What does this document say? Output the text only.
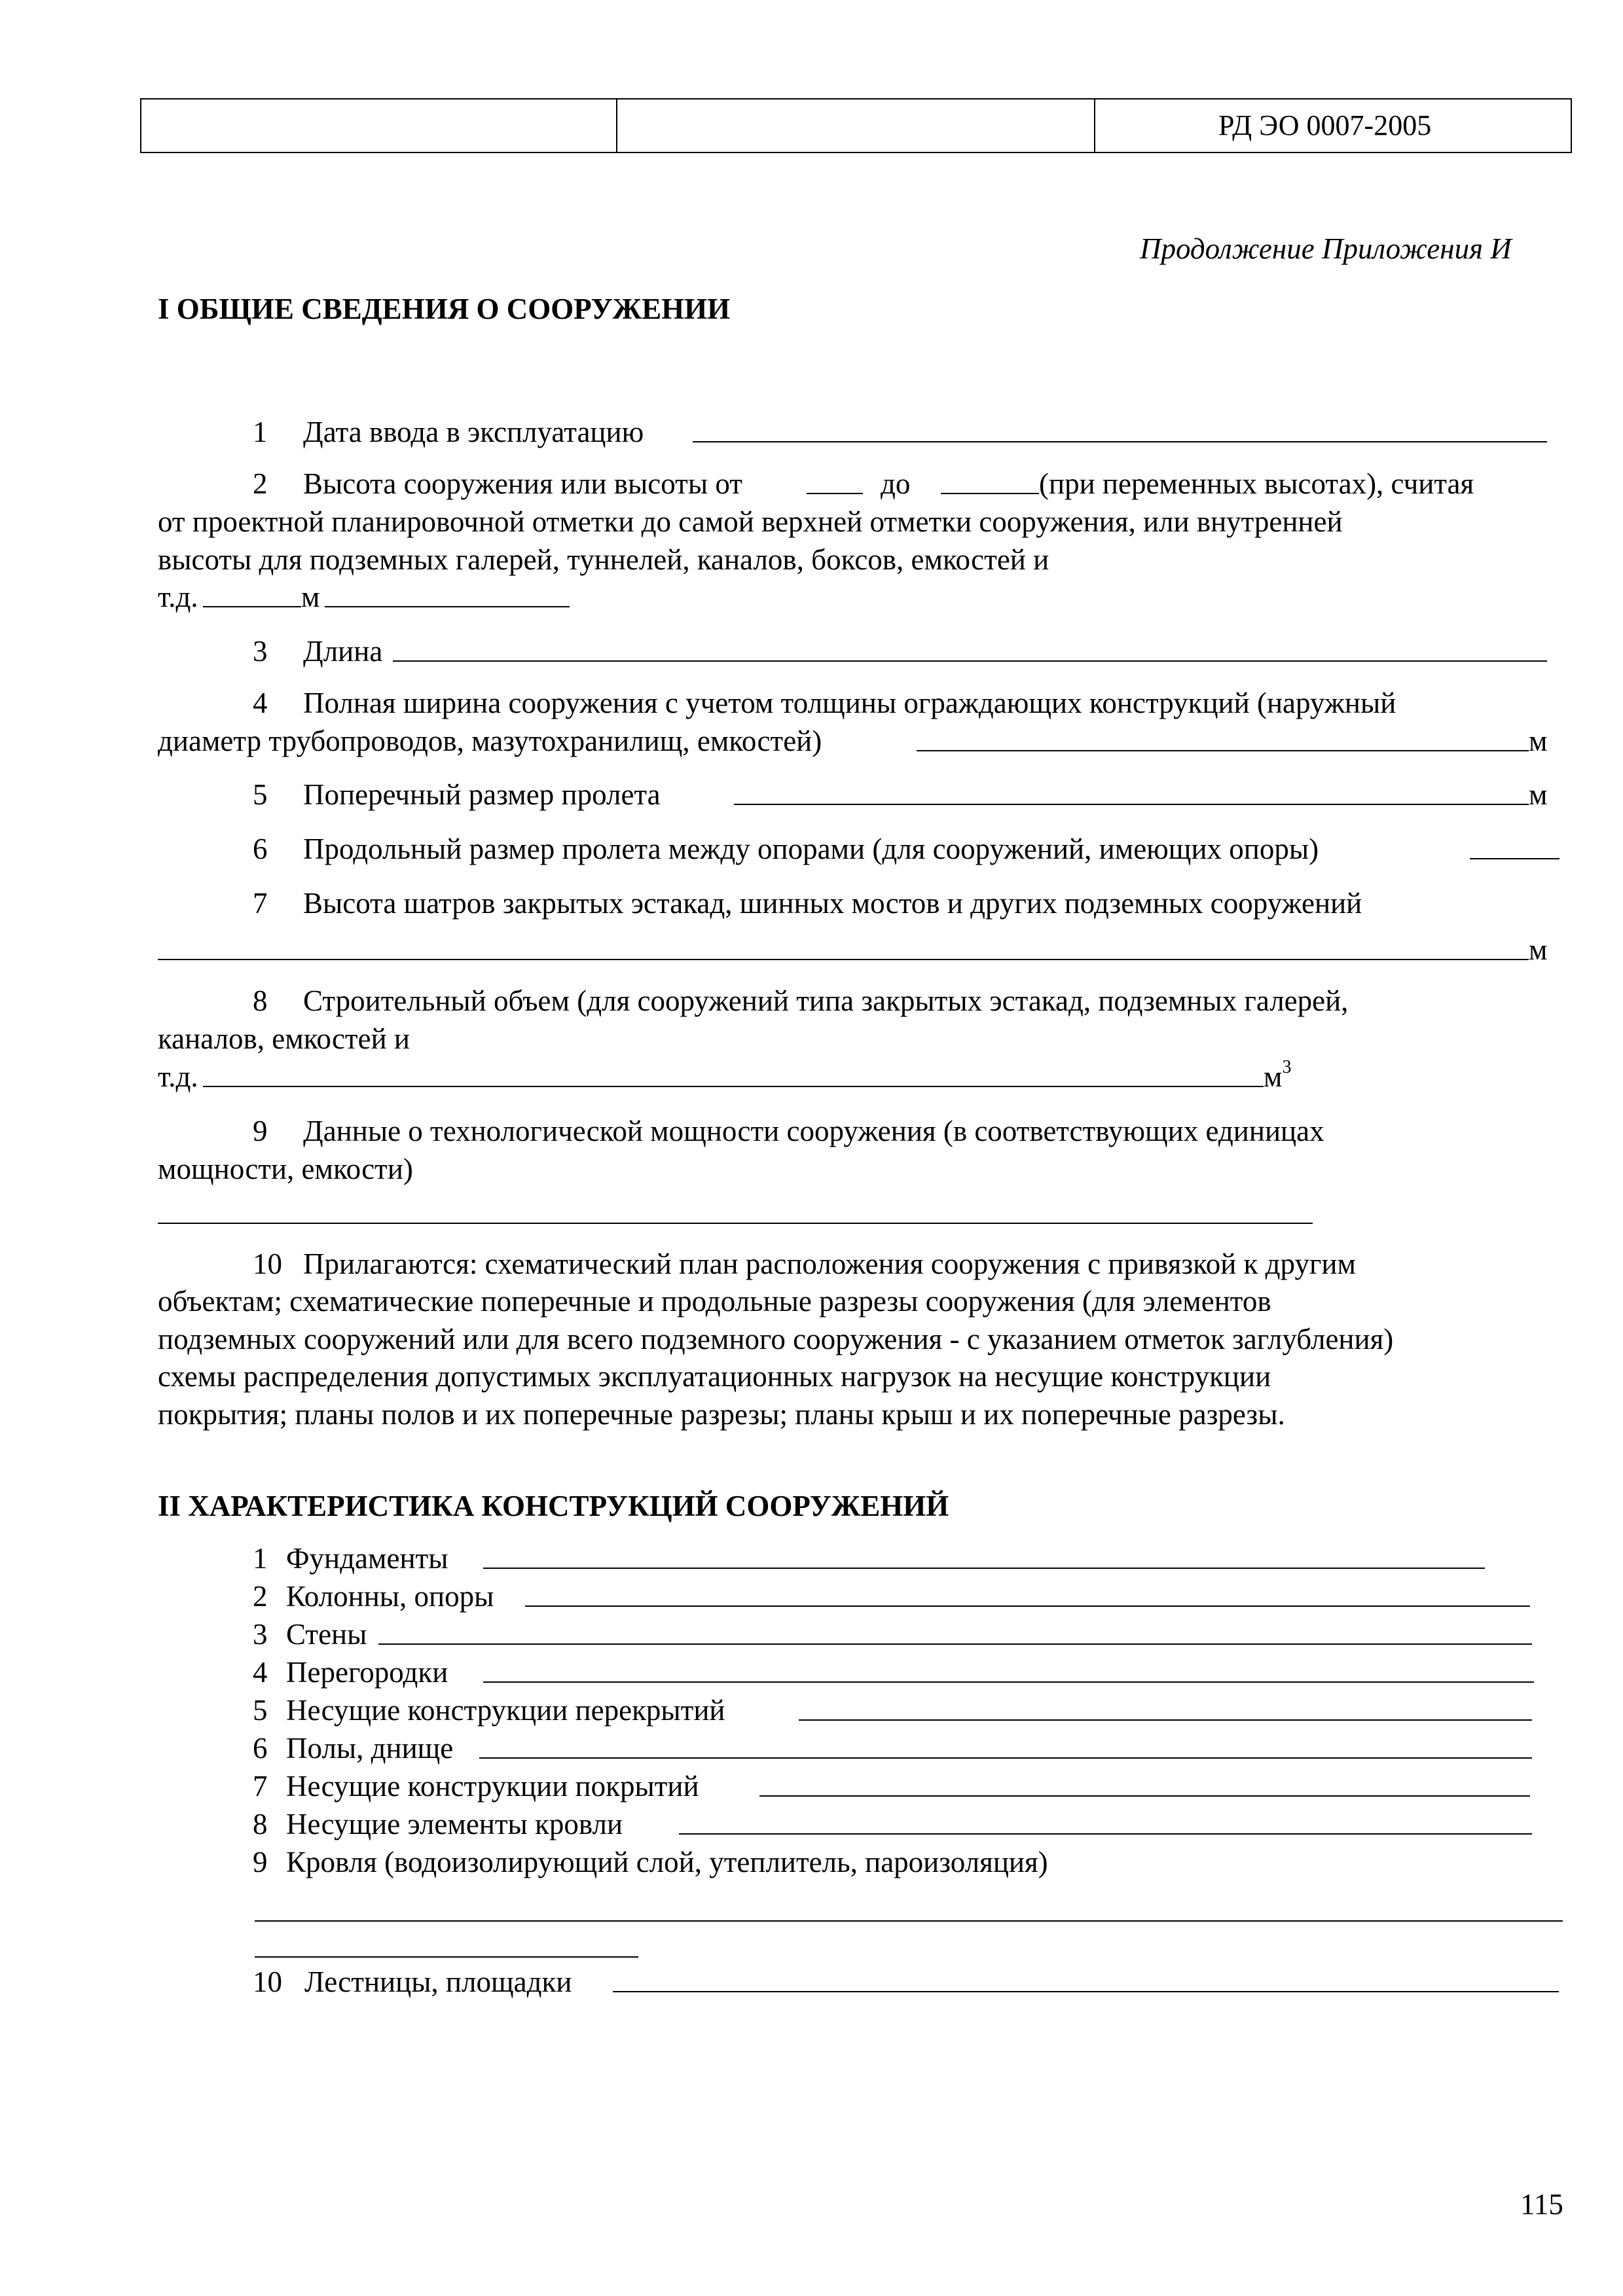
РД ЭО 0007-2005
Продолжение Приложения И
I ОБЩИЕ СВЕДЕНИЯ О СООРУЖЕНИИ
1 Дата ввода в эксплуатацию
2 Высота сооружения или высоты от	до	(при переменных высотах), считая
от проектной планировочной отметки до самой верхней отметки сооружения, или внутренней
высоты для подземных галерей, туннелей, каналов, боксов, емкостей и
т.д.	м
3 Длина
4 Полная ширина сооружения с учетом толщины ограждающих конструкций (наружный
диаметр трубопроводов, мазутохранилищ, емкостей)	м
5 Поперечный размер пролета	м
6 Продольный размер пролета между опорами (для сооружений, имеющих опоры)
7 Высота шатров закрытых эстакад, шинных мостов и других подземных сооружений
м
8 Строительный объем (для сооружений типа закрытых эстакад, подземных галерей,
каналов, емкостей и
т.д.	$м^3$
9 Данные о технологической мощности сооружения (в соответствующих единицах
мощности, емкости)
10 Прилагаются: схематический план расположения сооружения с привязкой к другим
объектам; схематические поперечные и продольные разрезы сооружения (для элементов
подземных сооружений или для всего подземного сооружения - с указанием отметок заглубления)
схемы распределения допустимых эксплуатационных нагрузок на несущие конструкции
покрытия; планы полов и их поперечные разрезы; планы крыш и их поперечные разрезы.
II ХАРАКТЕРИСТИКА КОНСТРУКЦИЙ СООРУЖЕНИЙ
1 Фундаменты
2 Колонны, опоры
3 Стены
4 Перегородки
5 Несущие конструкции перекрытий
6 Полы, днище
7 Несущие конструкции покрытий
8 Несущие элементы кровли
9 Кровля (водоизолирующий слой, утеплитель, пароизоляция)
10 Лестницы, площадки
115
